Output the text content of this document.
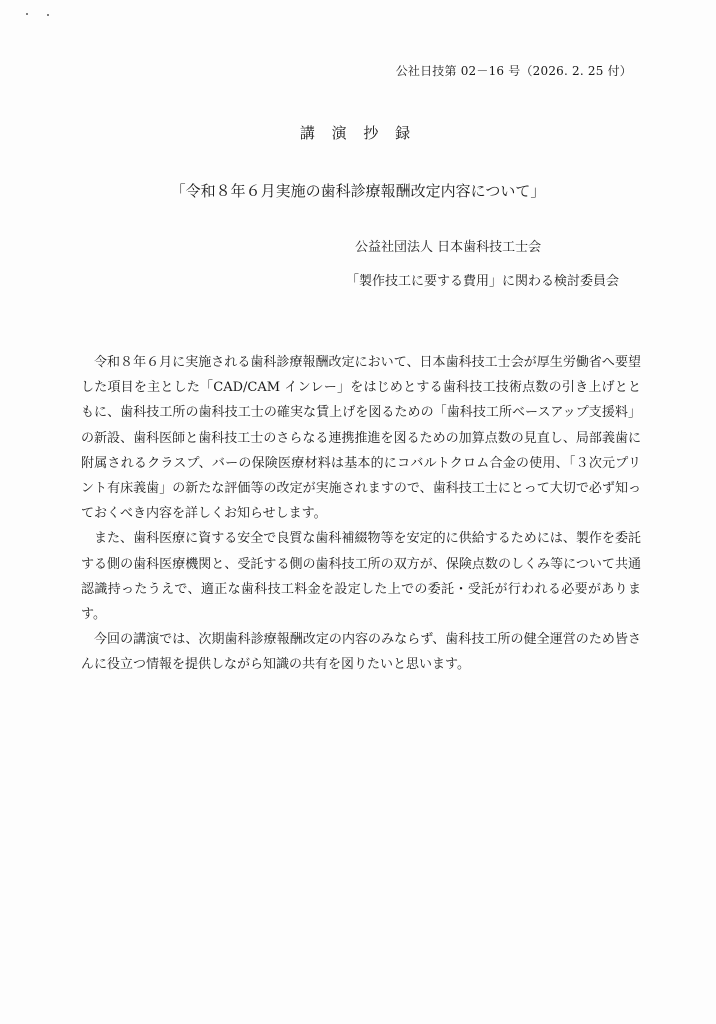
公社日技第 02－16 号（2026. 2. 25 付）
講 演 抄 録
「令和８年６月実施の歯科診療報酬改定内容について」
公益社団法人 日本歯科技工士会
「製作技工に要する費用」に関わる検討委員会

令和８年６月に実施される歯科診療報酬改定において、日本歯科技工士会が厚生労働省へ要望した項目を主とした「CAD/CAM インレー」をはじめとする歯科技工技術点数の引き上げとともに、歯科技工所の歯科技工士の確実な賃上げを図るための「歯科技工所ベースアップ支援料」の新設、歯科医師と歯科技工士のさらなる連携推進を図るための加算点数の見直し、局部義歯に附属されるクラスプ、バーの保険医療材料は基本的にコバルトクロム合金の使用、「３次元プリント有床義歯」の新たな評価等の改定が実施されますので、歯科技工士にとって大切で必ず知っておくべき内容を詳しくお知らせします。

また、歯科医療に資する安全で良質な歯科補綴物等を安定的に供給するためには、製作を委託する側の歯科医療機関と、受託する側の歯科技工所の双方が、保険点数のしくみ等について共通認識持ったうえで、適正な歯科技工料金を設定した上での委託・受託が行われる必要があります。

今回の講演では、次期歯科診療報酬改定の内容のみならず、歯科技工所の健全運営のため皆さんに役立つ情報を提供しながら知識の共有を図りたいと思います。
